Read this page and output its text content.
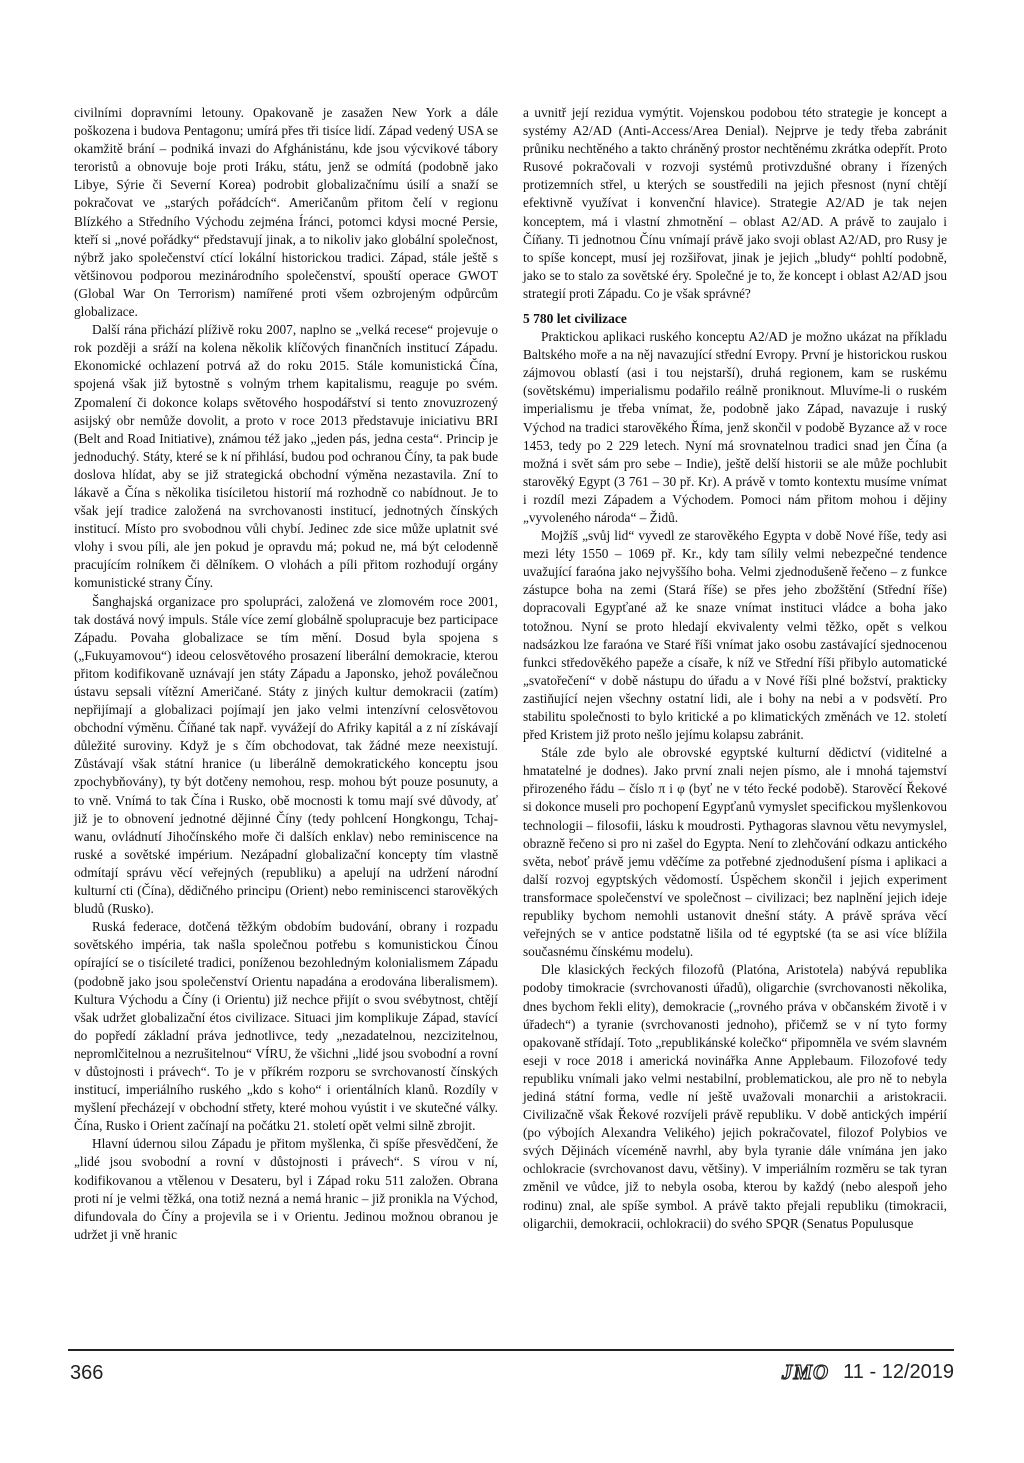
civilními dopravními letouny. Opakovaně je zasažen New York a dále poškozena i budova Pentagonu; umírá přes tři tisíce lidí. Západ vedený USA se okamžitě brání – podniká invazi do Afghánistánu, kde jsou výcvikové tábory teroristů a obnovuje boje proti Iráku, státu, jenž se odmítá (podobně jako Libye, Sýrie či Severní Korea) podrobit globalizačnímu úsilí a snaží se pokračovat ve „starých pořádcích“. Američanům přitom čelí v regionu Blízkého a Středního Východu zejména Íránci, potomci kdysi mocné Persie, kteří si „nové pořádky“ představují jinak, a to nikoliv jako globální společnost, nýbrž jako společenství ctící lokální historickou tradici. Západ, stále ještě s většinovou podporou mezinárodního společenství, spouští operace GWOT (Global War On Terrorism) namířené proti všem ozbrojeným odpůrcům globalizace.

Další rána přichází plíživě roku 2007, naplno se „velká recese“ projevuje o rok později a sráží na kolena několik klíčových finančních institucí Západu. Ekonomické ochlazení potrvá až do roku 2015. Stále komunistická Čína, spojená však již bytostně s volným trhem kapitalismu, reaguje po svém. Zpomalení či dokonce kolaps světového hospodářství si tento znovuzrozený asijský obr nemůže dovolit, a proto v roce 2013 představuje iniciativu BRI (Belt and Road Initiative), známou též jako „jeden pás, jedna cesta“. Princip je jednoduchý. Státy, které se k ní přihlásí, budou pod ochranou Číny, ta pak bude doslova hlídat, aby se již strategická obchodní výměna nezastavila. Zní to lákavě a Čína s několika tisíciletou historií má rozhodně co nabídnout. Je to však její tradice založená na svrchovanosti institucí, jednotných čínských institucí. Místo pro svobodnou vůli chybí. Jedinec zde sice může uplatnit své vlohy i svou píli, ale jen pokud je opravdu má; pokud ne, má být celodenně pracujícím rolníkem či dělníkem. O vlohách a píli přitom rozhodují orgány komunistické strany Číny.

Šanghajská organizace pro spolupráci, založená ve zlomovém roce 2001, tak dostává nový impuls. Stále více zemí globálně spolupracuje bez participace Západu. Povaha globalizace se tím mění. Dosud byla spojena s („Fukuyamovou“) ideou celosvětového prosazení liberální demokracie, kterou přitom kodifikovaně uznávají jen státy Západu a Japonsko, jehož poválečnou ústavu sepsali vítězní Američané. Státy z jiných kultur demokracii (zatím) nepřijímají a globalizaci pojímají jen jako velmi intenzívní celosvětovou obchodní výměnu. Číňané tak např. vyvážejí do Afriky kapitál a z ní získávají důležité suroviny. Když je s čím obchodovat, tak žádné meze neexistují. Zůstávají však státní hranice (u liberálně demokratického konceptu jsou zpochybňovány), ty být dotčeny nemohou, resp. mohou být pouze posunuty, a to vně. Vnímá to tak Čína i Rusko, obě mocnosti k tomu mají své důvody, ať již je to obnovení jednotné dějinné Číny (tedy pohlcení Hongkongu, Tchaj-wanu, ovládnutí Jihočínského moře či dalších enklav) nebo reminiscence na ruské a sovětské impérium. Nezápadní globalizační koncepty tím vlastně odmítají správu věcí veřejných (republiku) a apelují na udržení národní kulturní cti (Čína), dědičného principu (Orient) nebo reminiscenci starověkých bludů (Rusko).

Ruská federace, dotčená těžkým obdobím budování, obrany i rozpadu sovětského impéria, tak našla společnou potřebu s komunistickou Čínou opírající se o tisícileté tradici, poníženou bezohledným kolonialismem Západu (podobně jako jsou společenství Orientu napadána a erodována liberalismem). Kultura Východu a Číny (i Orientu) již nechce přijít o svou svébytnost, chtějí však udržet globalizační étos civilizace. Situaci jim komplikuje Západ, stavící do popředí základní práva jednotlivce, tedy „nezadatelnou, nezcizitelnou, nepromlčitelnou a nezrušitelnou“ VÍRU, že všichni „lidé jsou svobodní a rovní v důstojnosti i právech“. To je v příkrém rozporu se svrchovaností čínských institucí, imperiálního ruského „kdo s koho“ i orientálních klanů. Rozdíly v myšlení přecházejí v obchodní střety, které mohou vyústit i ve skutečné války. Čína, Rusko i Orient začínají na počátku 21. století opět velmi silně zbrojit.

Hlavní údernou silou Západu je přitom myšlenka, či spíše přesvědčení, že „lidé jsou svobodní a rovní v důstojnosti i právech“. S vírou v ní, kodifikovanou a vtělenou v Desateru, byl i Západ roku 511 založen. Obrana proti ní je velmi těžká, ona totiž nezná a nemá hranic – již pronikla na Východ, difundovala do Číny a projevila se i v Orientu. Jedinou možnou obranou je udržet ji vně hranic

a uvnitř její rezidua vymýtit. Vojenskou podobou této strategie je koncept a systémy A2/AD (Anti-Access/Area Denial). Nejprve je tedy třeba zabránit průniku nechtěného a takto chráněný prostor nechtěnému zkrátka odepřít. Proto Rusové pokračovali v rozvoji systémů protivzdušné obrany i řízených protizemních střel, u kterých se soustředili na jejich přesnost (nyní chtějí efektivně využívat i konvenční hlavice). Strategie A2/AD je tak nejen konceptem, má i vlastní zhmotnění – oblast A2/AD. A právě to zaujalo i Číňany. Ti jednotnou Čínu vnímají právě jako svoji oblast A2/AD, pro Rusy je to spíše koncept, musí jej rozšiřovat, jinak je jejich „bludy“ pohltí podobně, jako se to stalo za sovětské éry. Společné je to, že koncept i oblast A2/AD jsou strategií proti Západu. Co je však správné?

5 780 let civilizace

Praktickou aplikaci ruského konceptu A2/AD je možno ukázat na příkladu Baltského moře a na něj navazující střední Evropy. První je historickou ruskou zájmovou oblastí (asi i tou nejstarší), druhá regionem, kam se ruskému (sovětskému) imperialismu podařilo reálně proniknout. Mluvíme-li o ruském imperialismu je třeba vnímat, že, podobně jako Západ, navazuje i ruský Východ na tradici starověkého Říma, jenž skončil v podobě Byzance až v roce 1453, tedy po 2 229 letech. Nyní má srovnatelnou tradici snad jen Čína (a možná i svět sám pro sebe – Indie), ještě delší historii se ale může pochlubit starověký Egypt (3 761 – 30 př. Kr). A právě v tomto kontextu musíme vnímat i rozdíl mezi Západem a Východem. Pomoci nám přitom mohou i dějiny „vyvoleného národa“ – Židů.

Mojžíš „svůj lid“ vyvedl ze starověkého Egypta v době Nové říše, tedy asi mezi léty 1550 – 1069 př. Kr., kdy tam sílily velmi nebezpečné tendence uvažující faraóna jako nejvyššího boha. Velmi zjednodušeně řečeno – z funkce zástupce boha na zemi (Stará říše) se přes jeho zbožštění (Střední říše) dopracovali Egypťané až ke snaze vnímat instituci vládce a boha jako totožnou. Nyní se proto hledají ekvivalenty velmi těžko, opět s velkou nadsázkou lze faraóna ve Staré říši vnímat jako osobu zastávající sjednocenou funkci středověkého papeže a císaře, k níž ve Střední říši přibylo automatické „svatořečení“ v době nástupu do úřadu a v Nové říši plné božství, prakticky zastiňující nejen všechny ostatní lidi, ale i bohy na nebi a v podsvětí. Pro stabilitu společnosti to bylo kritické a po klimatických změnách ve 12. století před Kristem již proto nešlo jejímu kolapsu zabránit.

Stále zde bylo ale obrovské egyptské kulturní dědictví (viditelné a hmatatelné je dodnes). Jako první znali nejen písmo, ale i mnohá tajemství přirozeného řádu – číslo π i φ (byť ne v této řecké podobě). Starověcí Řekové si dokonce museli pro pochopení Egypťanů vymyslet specifickou myšlenkovou technologii – filosofii, lásku k moudrosti. Pythagoras slavnou větu nevymyslel, obrazně řečeno si pro ni zašel do Egypta. Není to zlehčování odkazu antického světa, neboť právě jemu vděčíme za potřebné zjednodušení písma i aplikaci a další rozvoj egyptských vědomostí. Úspěchem skončil i jejich experiment transformace společenství ve společnost – civilizaci; bez naplnění jejich ideje republiky bychom nemohli ustanovit dnešní státy. A právě správa věcí veřejných se v antice podstatně lišila od té egyptské (ta se asi více blížila současnému čínskému modelu).

Dle klasických řeckých filozofů (Platóna, Aristotela) nabývá republika podoby timokracie (svrchovanosti úřadů), oligarchie (svrchovanosti několika, dnes bychom řekli elity), demokracie („rovného práva v občanském životě i v úřadech“) a tyranie (svrchovanosti jednoho), přičemž se v ní tyto formy opakovaně střídají. Toto „republikánské kolečko“ připomněla ve svém slavném eseji v roce 2018 i americká novinářka Anne Applebaum. Filozofové tedy republiku vnímali jako velmi nestabilní, problematickou, ale pro ně to nebyla jediná státní forma, vedle ní ještě uvažovali monarchii a aristokracii. Civilizačně však Řekové rozvíjeli právě republiku. V době antických impérií (po výbojích Alexandra Velikého) jejich pokračovatel, filozof Polybios ve svých Dějinách víceméně navrhl, aby byla tyranie dále vnímána jen jako ochlokracie (svrchovanost davu, většiny). V imperiálním rozměru se tak tyran změnil ve vůdce, již to nebyla osoba, kterou by každý (nebo alespoň jeho rodinu) znal, ale spíše symbol. A právě takto přejali republiku (timokracii, oligarchii, demokracii, ochlokracii) do svého SPQR (Senatus Populusque

366	JMO 11 - 12/2019
